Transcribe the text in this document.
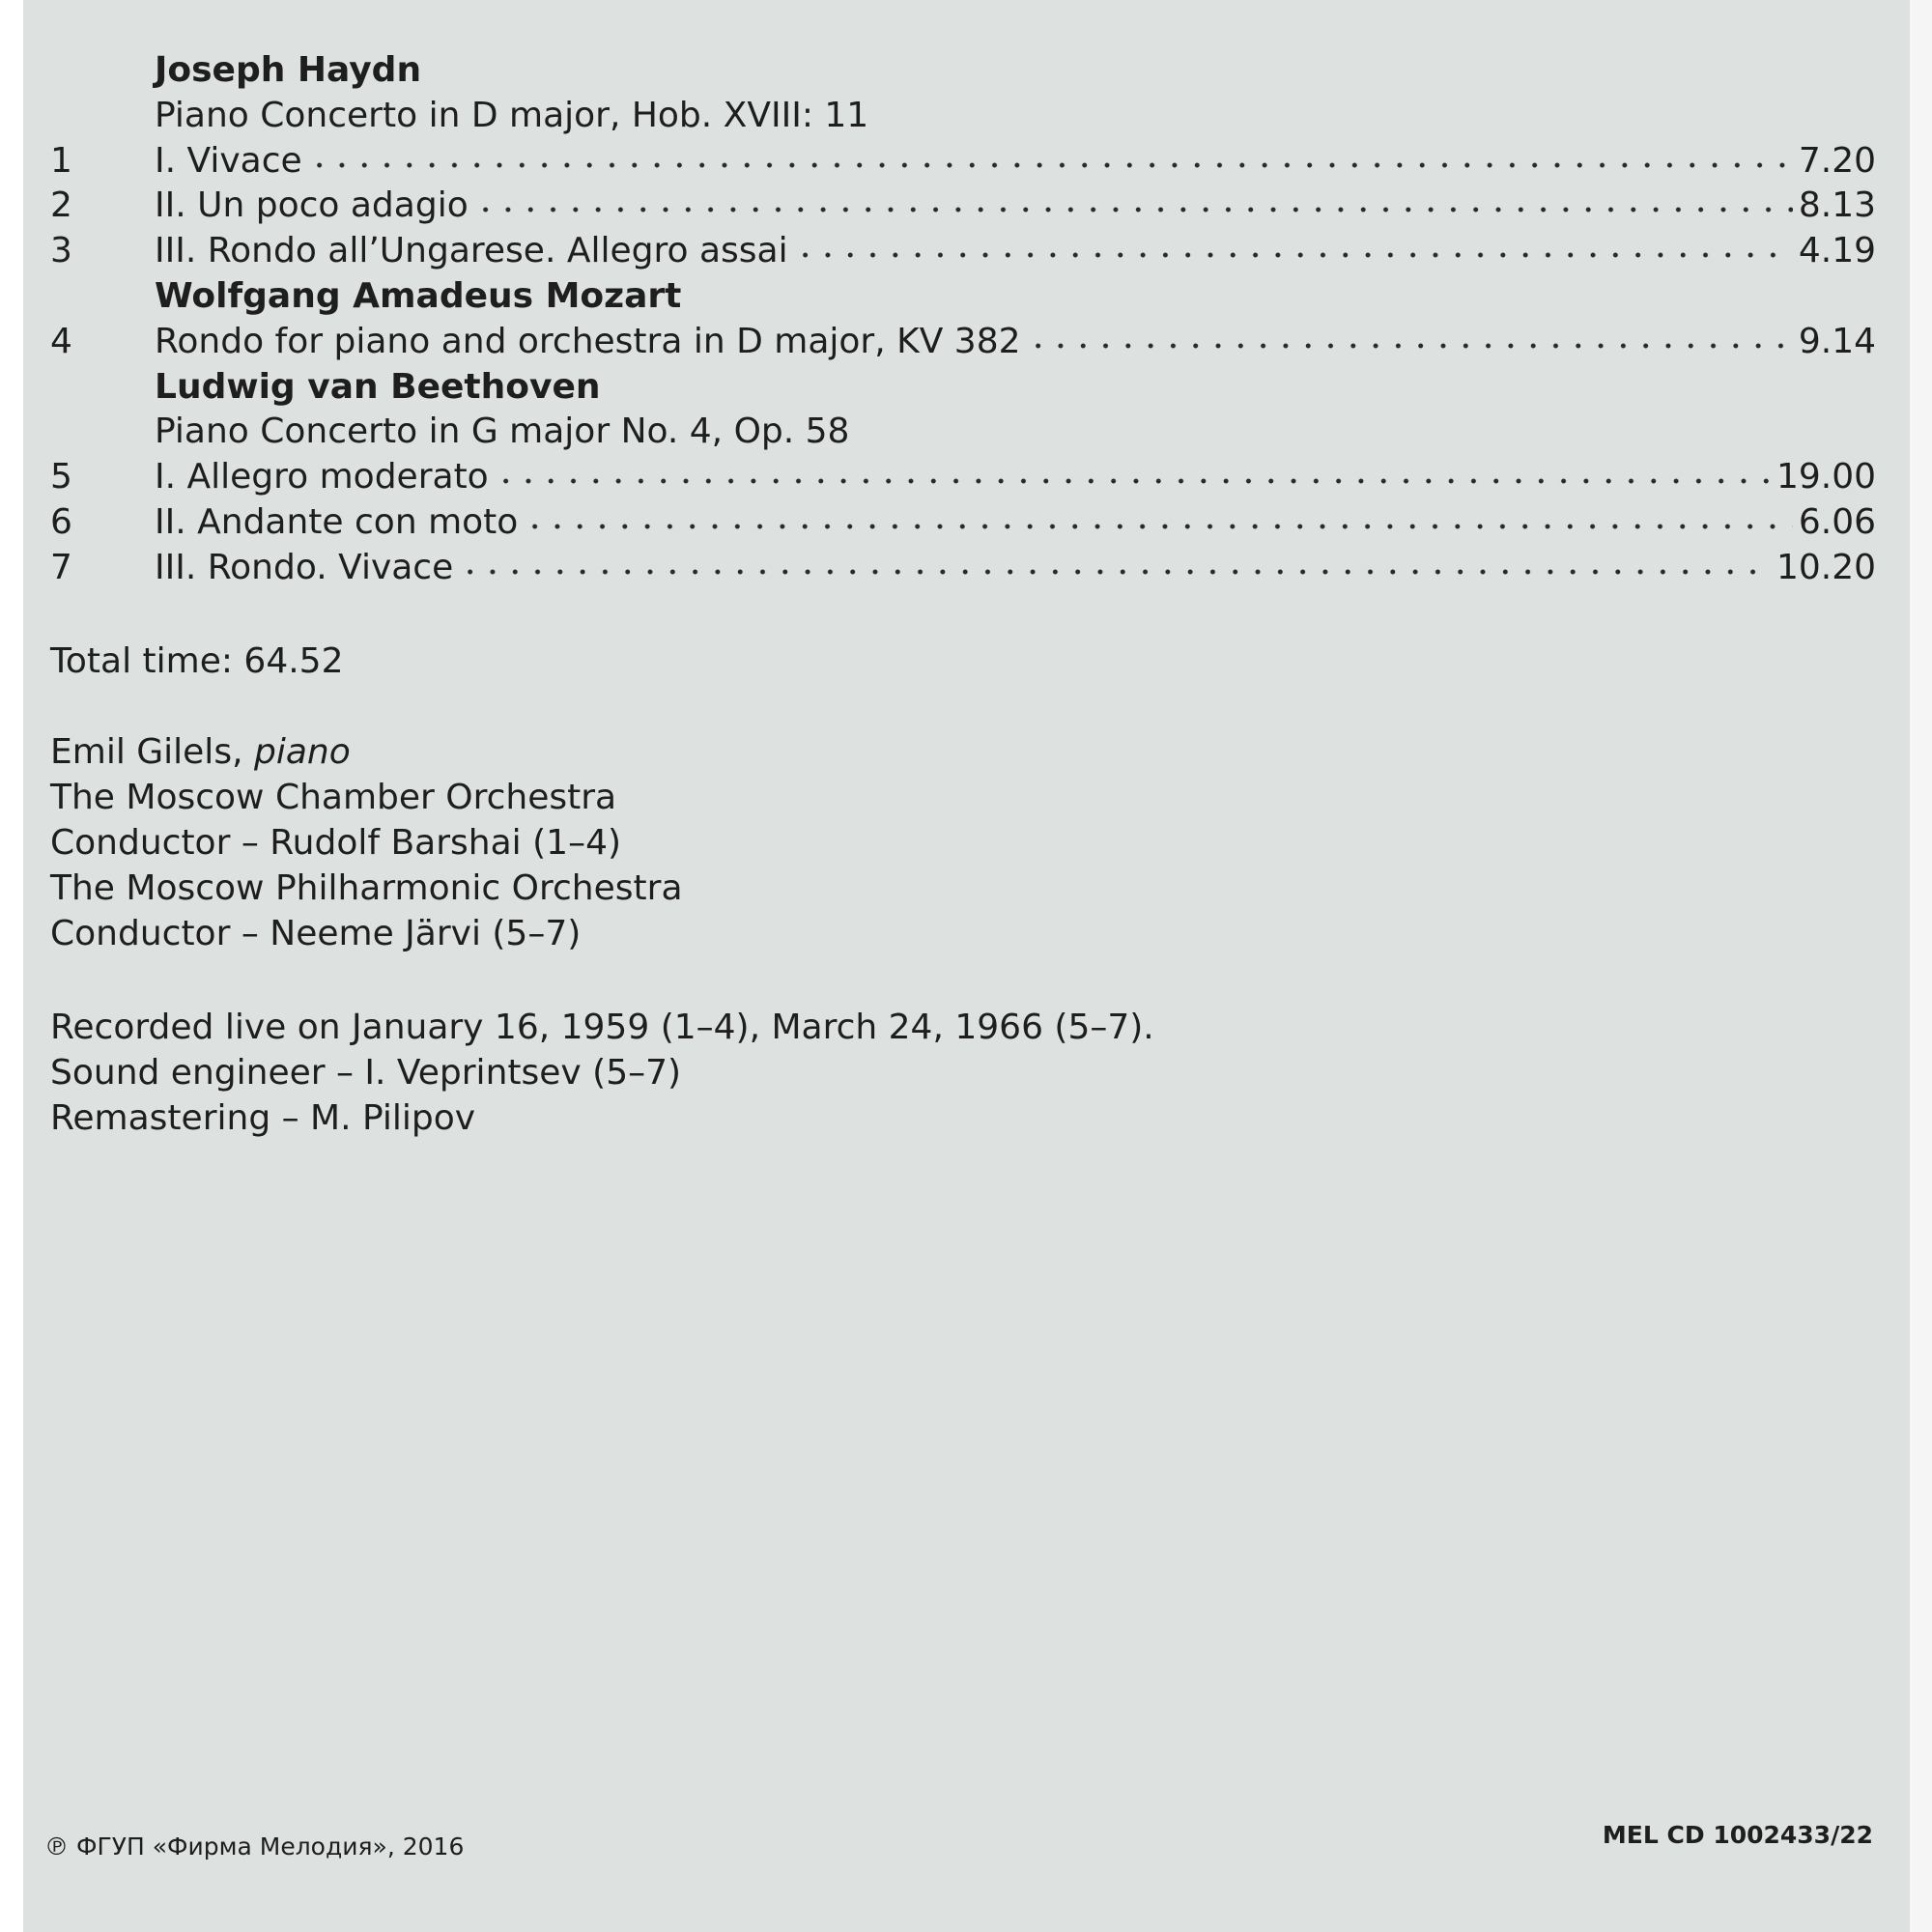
Joseph Haydn
Piano Concerto in D major, Hob. XVIII: 11
1	I. Vivace	7.20
2	II. Un poco adagio	8.13
3	III. Rondo all’Ungarese. Allegro assai	4.19
Wolfgang Amadeus Mozart
4	Rondo for piano and orchestra in D major, KV 382	9.14
Ludwig van Beethoven
Piano Concerto in G major No. 4, Op. 58
5	I. Allegro moderato	19.00
6	II. Andante con moto	6.06
7	III. Rondo. Vivace	10.20
Total time: 64.52
Emil Gilels, piano
The Moscow Chamber Orchestra
Conductor – Rudolf Barshai (1–4)
The Moscow Philharmonic Orchestra
Conductor – Neeme Järvi (5–7)
Recorded live on January 16, 1959 (1–4), March 24, 1966 (5–7).
Sound engineer – I. Veprintsev (5–7)
Remastering – M. Pilipov
℗ ФГУП «Фирма Мелодия», 2016	MEL CD 1002433/22
